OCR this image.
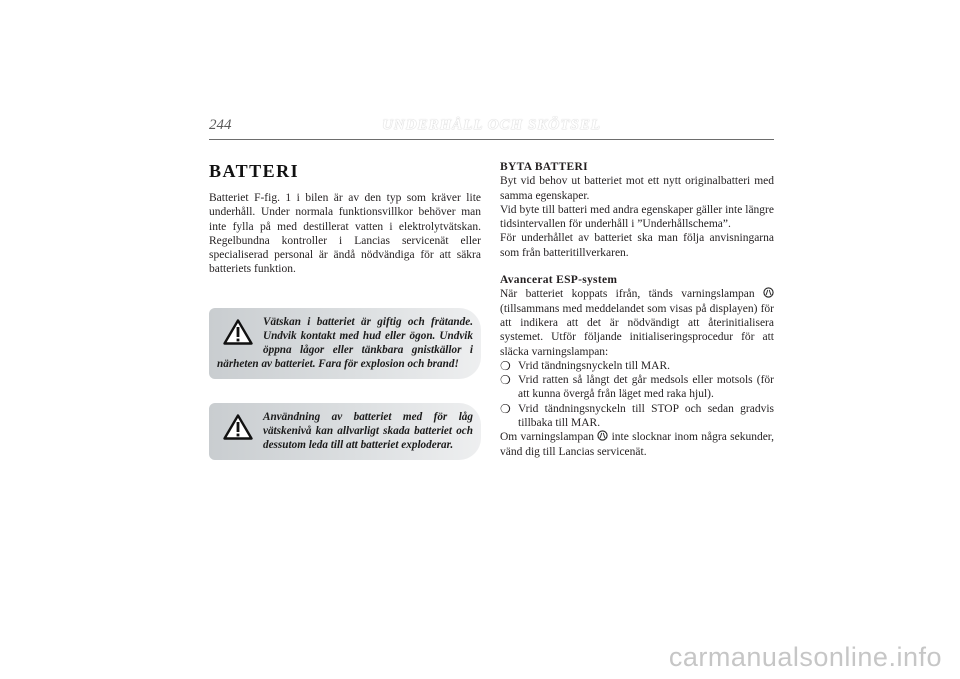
244	UNDERHÅLL OCH SKÖTSEL
BATTERI

Batteriet F-fig. 1 i bilen är av den typ som kräver lite underhåll. Under normala funktionsvillkor behöver man inte fylla på med destillerat vatten i elektrolytvätskan. Regelbundna kontroller i Lancias servicenät eller specialiserad personal är ändå nödvändiga för att säkra batteriets funktion.

Vätskan i batteriet är giftig och frätande. Undvik kontakt med hud eller ögon. Undvik öppna lågor eller tänkbara gnistkällor i närheten av batteriet. Fara för explosion och brand!
Användning av batteriet med för låg vätskenivå kan allvarligt skada batteriet och dessutom leda till att batteriet exploderar.
BYTA BATTERI

Byt vid behov ut batteriet mot ett nytt originalbatteri med samma egenskaper.

Vid byte till batteri med andra egenskaper gäller inte längre tidsintervallen för underhåll i ”Underhållschema”.

För underhållet av batteriet ska man följa anvisningarna som från batteritillverkaren.

Avancerat ESP-system

När batteriet koppats ifrån, tänds varningslampan  (tillsammans med meddelandet som visas på displayen) för att indikera att det är nödvändigt att återinitialisera systemet. Utför följande initialiseringsprocedur för att släcka varningslampan:

❍ Vrid tändningsnyckeln till MAR.
❍ Vrid ratten så långt det går medsols eller motsols (för att kunna övergå från läget med raka hjul).
❍ Vrid tändningsnyckeln till STOP och sedan gradvis tillbaka till MAR.

Om varningslampan inte slocknar inom några sekunder, vänd dig till Lancias servicenät.

carmanualsonline.info
